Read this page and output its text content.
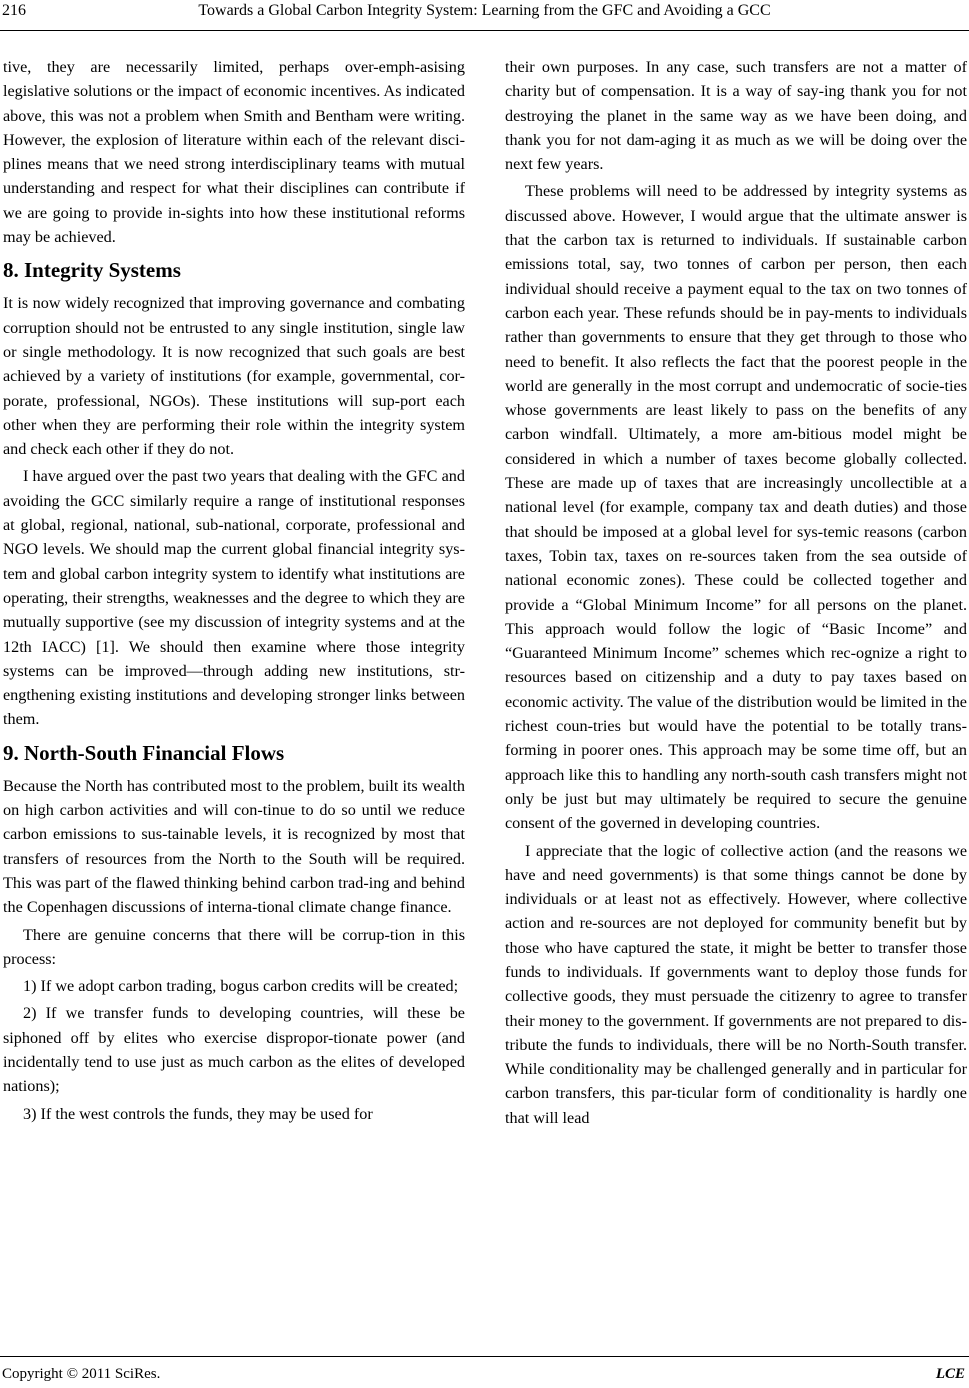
216	Towards a Global Carbon Integrity System: Learning from the GFC and Avoiding a GCC

tive, they are necessarily limited, perhaps over-emph-asising legislative solutions or the impact of economic incentives. As indicated above, this was not a problem when Smith and Bentham were writing. However, the explosion of literature within each of the relevant disci-plines means that we need strong interdisciplinary teams with mutual understanding and respect for what their disciplines can contribute if we are going to provide in-sights into how these institutional reforms may be achieved.

8. Integrity Systems

It is now widely recognized that improving governance and combating corruption should not be entrusted to any single institution, single law or single methodology. It is now recognized that such goals are best achieved by a variety of institutions (for example, governmental, cor-porate, professional, NGOs). These institutions will sup-port each other when they are performing their role within the integrity system and check each other if they do not.

I have argued over the past two years that dealing with the GFC and avoiding the GCC similarly require a range of institutional responses at global, regional, national, sub-national, corporate, professional and NGO levels. We should map the current global financial integrity sys-tem and global carbon integrity system to identify what institutions are operating, their strengths, weaknesses and the degree to which they are mutually supportive (see my discussion of integrity systems and at the 12th IACC) [1]. We should then examine where those integrity systems can be improved—through adding new institutions, str-engthening existing institutions and developing stronger links between them.

9. North-South Financial Flows

Because the North has contributed most to the problem, built its wealth on high carbon activities and will con-tinue to do so until we reduce carbon emissions to sus-tainable levels, it is recognized by most that transfers of resources from the North to the South will be required. This was part of the flawed thinking behind carbon trad-ing and behind the Copenhagen discussions of interna-tional climate change finance.

There are genuine concerns that there will be corrup-tion in this process:

1) If we adopt carbon trading, bogus carbon credits will be created;

2) If we transfer funds to developing countries, will these be siphoned off by elites who exercise dispropor-tionate power (and incidentally tend to use just as much carbon as the elites of developed nations);

3) If the west controls the funds, they may be used for

their own purposes. In any case, such transfers are not a matter of charity but of compensation. It is a way of say-ing thank you for not destroying the planet in the same way as we have been doing, and thank you for not dam-aging it as much as we will be doing over the next few years.

These problems will need to be addressed by integrity systems as discussed above. However, I would argue that the ultimate answer is that the carbon tax is returned to individuals. If sustainable carbon emissions total, say, two tonnes of carbon per person, then each individual should receive a payment equal to the tax on two tonnes of carbon each year. These refunds should be in pay-ments to individuals rather than governments to ensure that they get through to those who need to benefit. It also reflects the fact that the poorest people in the world are generally in the most corrupt and undemocratic of socie-ties whose governments are least likely to pass on the benefits of any carbon windfall. Ultimately, a more am-bitious model might be considered in which a number of taxes become globally collected. These are made up of taxes that are increasingly uncollectible at a national level (for example, company tax and death duties) and those that should be imposed at a global level for sys-temic reasons (carbon taxes, Tobin tax, taxes on re-sources taken from the sea outside of national economic zones). These could be collected together and provide a “Global Minimum Income” for all persons on the planet. This approach would follow the logic of “Basic Income” and “Guaranteed Minimum Income” schemes which rec-ognize a right to resources based on citizenship and a duty to pay taxes based on economic activity. The value of the distribution would be limited in the richest coun-tries but would have the potential to be totally trans-forming in poorer ones. This approach may be some time off, but an approach like this to handling any north-south cash transfers might not only be just but may ultimately be required to secure the genuine consent of the governed in developing countries.

I appreciate that the logic of collective action (and the reasons we have and need governments) is that some things cannot be done by individuals or at least not as effectively. However, where collective action and re-sources are not deployed for community benefit but by those who have captured the state, it might be better to transfer those funds to individuals. If governments want to deploy those funds for collective goods, they must persuade the citizenry to agree to transfer their money to the government. If governments are not prepared to dis-tribute the funds to individuals, there will be no North-South transfer. While conditionality may be challenged generally and in particular for carbon transfers, this par-ticular form of conditionality is hardly one that will lead

Copyright © 2011 SciRes.	LCE
